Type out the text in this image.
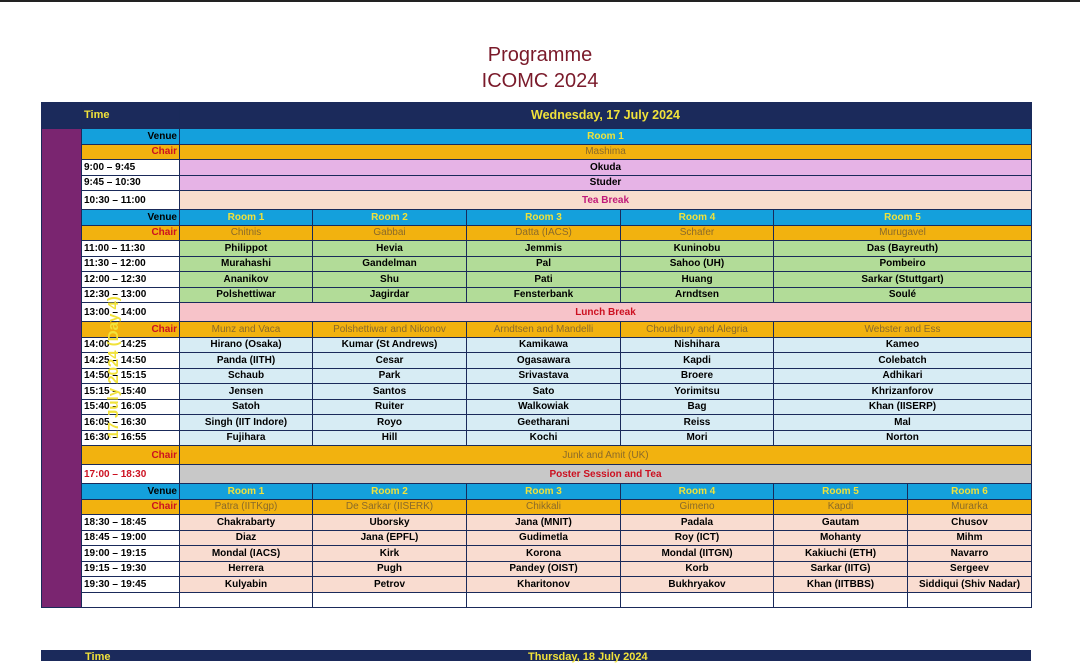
Programme
ICOMC 2024
	Time	Wednesday, 17 July 2024					
17 July 2024 (Day 4)	Venue	Room 1					
	Chair	Mashima					
	9:00 – 9:45	Okuda					
	9:45 – 10:30	Studer					
	10:30 – 11:00	Tea Break					
	Venue	Room 1	Room 2	Room 3	Room 4	Room 5	
	Chair	Chitnis	Gabbai	Datta (IACS)	Schafer	Murugavel	
	11:00 – 11:30	Philippot	Hevia	Jemmis	Kuninobu	Das (Bayreuth)	
	11:30 – 12:00	Murahashi	Gandelman	Pal	Sahoo (UH)	Pombeiro	
	12:00 – 12:30	Ananikov	Shu	Pati	Huang	Sarkar (Stuttgart)	
	12:30 – 13:00	Polshettiwar	Jagirdar	Fensterbank	Arndtsen	Soulé	
	13:00 – 14:00	Lunch Break					
	Chair	Munz and Vaca	Polshettiwar and Nikonov	Arndtsen and Mandelli	Choudhury and Alegria	Webster and Ess	
	14:00 – 14:25	Hirano (Osaka)	Kumar (St Andrews)	Kamikawa	Nishihara	Kameo	
	14:25 – 14:50	Panda (IITH)	Cesar	Ogasawara	Kapdi	Colebatch	
	14:50 – 15:15	Schaub	Park	Srivastava	Broere	Adhikari	
	15:15 – 15:40	Jensen	Santos	Sato	Yorimitsu	Khrizanforov	
	15:40 – 16:05	Satoh	Ruiter	Walkowiak	Bag	Khan (IISERP)	
	16:05 – 16:30	Singh (IIT Indore)	Royo	Geetharani	Reiss	Mal	
	16:30 – 16:55	Fujihara	Hill	Kochi	Mori	Norton	
	Chair	Junk and Amit (UK)					
	17:00 – 18:30	Poster Session and Tea					
	Venue	Room 1	Room 2	Room 3	Room 4	Room 5	Room 6
	Chair	Patra (IITKgp)	De Sarkar (IISERK)	Chikkali	Gimeno	Kapdi	Murarka
	18:30 – 18:45	Chakrabarty	Uborsky	Jana (MNIT)	Padala	Gautam	Chusov
	18:45 – 19:00	Diaz	Jana (EPFL)	Gudimetla	Roy (ICT)	Mohanty	Mihm
	19:00 – 19:15	Mondal (IACS)	Kirk	Korona	Mondal (IITGN)	Kakiuchi (ETH)	Navarro
	19:15 – 19:30	Herrera	Pugh	Pandey (OIST)	Korb	Sarkar (IITG)	Sergeev
	19:30 – 19:45	Kulyabin	Petrov	Kharitonov	Bukhryakov	Khan (IITBBS)	Siddiqui (Shiv Nadar)

Time	Thursday, 18 July 2024
